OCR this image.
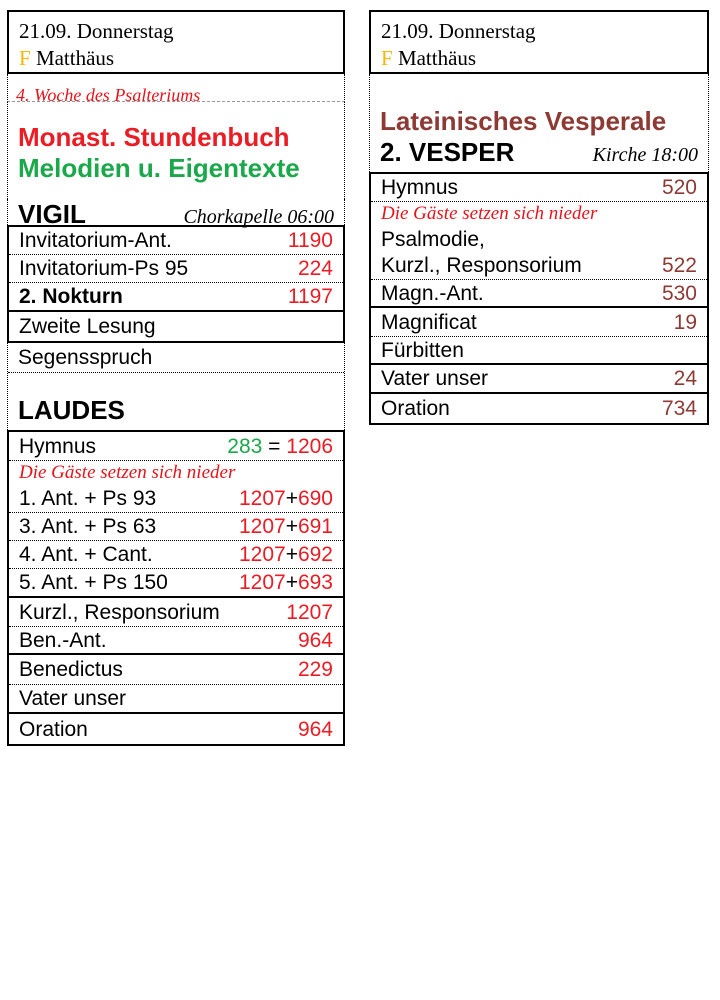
21.09. Donnerstag
F Matthäus
4. Woche des Psalteriums
Monast. Stundenbuch
Melodien u. Eigentexte
VIGIL	Chorkapelle 06:00
Invitatorium-Ant.	1190
Invitatorium-Ps 95	224
2. Nokturn	1197
Zweite Lesung
Segensspruch
LAUDES
Hymnus	283 = 1206
Die Gäste setzen sich nieder
1. Ant. + Ps 93	1207+690
3. Ant. + Ps 63	1207+691
4. Ant. + Cant.	1207+692
5. Ant. + Ps 150	1207+693
Kurzl., Responsorium	1207
Ben.-Ant.	964
Benedictus	229
Vater unser
Oration	964
21.09. Donnerstag
F Matthäus
Lateinisches Vesperale
2. VESPER	Kirche 18:00
Hymnus	520
Die Gäste setzen sich nieder
Psalmodie,
Kurzl., Responsorium	522
Magn.-Ant.	530
Magnificat	19
Fürbitten
Vater unser	24
Oration	734
